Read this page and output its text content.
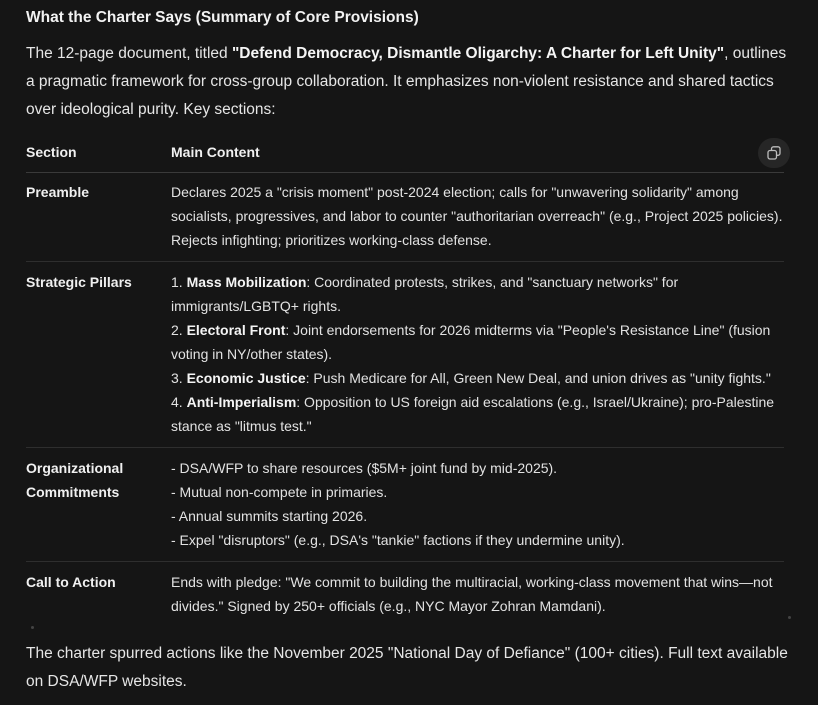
What the Charter Says (Summary of Core Provisions)

The 12-page document, titled "Defend Democracy, Dismantle Oligarchy: A Charter for Left Unity", outlines a pragmatic framework for cross-group collaboration. It emphasizes non-violent resistance and shared tactics over ideological purity. Key sections:

Section	Main Content
Preamble	Declares 2025 a "crisis moment" post-2024 election; calls for "unwavering solidarity" among socialists, progressives, and labor to counter "authoritarian overreach" (e.g., Project 2025 policies). Rejects infighting; prioritizes working-class defense.
Strategic Pillars	1. Mass Mobilization: Coordinated protests, strikes, and "sanctuary networks" for immigrants/LGBTQ+ rights.
2. Electoral Front: Joint endorsements for 2026 midterms via "People's Resistance Line" (fusion voting in NY/other states).
3. Economic Justice: Push Medicare for All, Green New Deal, and union drives as "unity fights."
4. Anti-Imperialism: Opposition to US foreign aid escalations (e.g., Israel/Ukraine); pro-Palestine stance as "litmus test."

Organizational Commitments	- DSA/WFP to share resources ($5M+ joint fund by mid-2025).
- Mutual non-compete in primaries.
- Annual summits starting 2026.
- Expel "disruptors" (e.g., DSA's "tankie" factions if they undermine unity).

Call to Action	Ends with pledge: "We commit to building the multiracial, working-class movement that wins—not divides." Signed by 250+ officials (e.g., NYC Mayor Zohran Mamdani).

The charter spurred actions like the November 2025 "National Day of Defiance" (100+ cities). Full text available on DSA/WFP websites.
